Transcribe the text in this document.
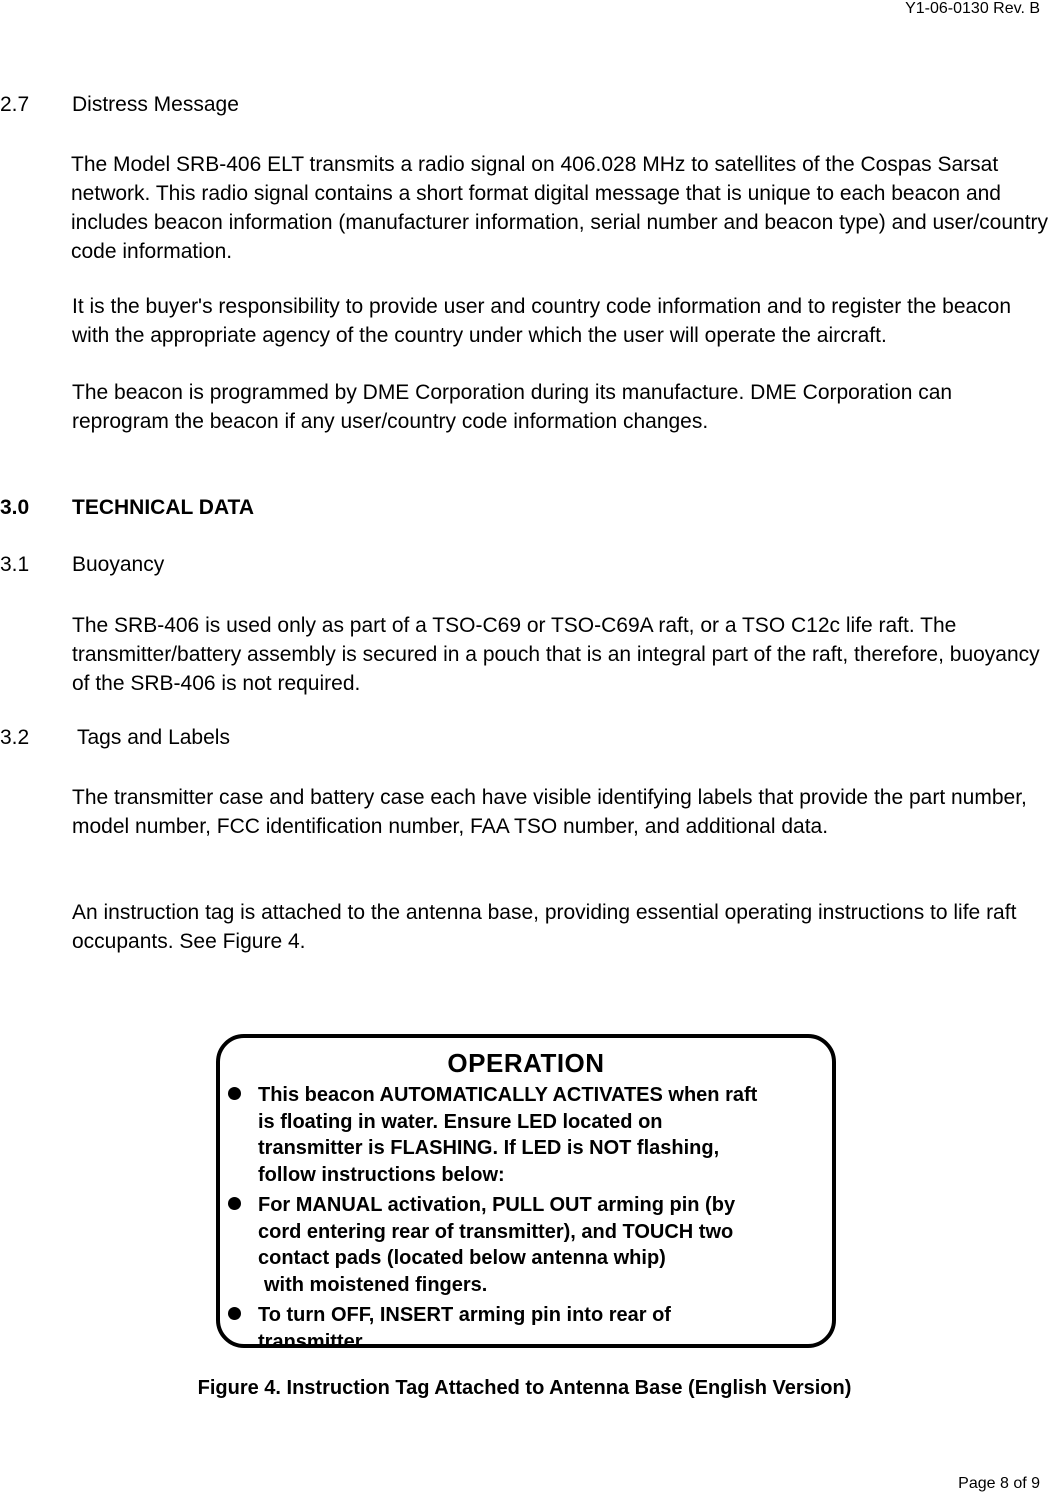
Y1-06-0130 Rev. B
2.7 Distress Message

The Model SRB-406 ELT transmits a radio signal on 406.028 MHz to satellites of the Cospas Sarsat network. This radio signal contains a short format digital message that is unique to each beacon and includes beacon information (manufacturer information, serial number and beacon type) and user/country code information.

It is the buyer's responsibility to provide user and country code information and to register the beacon with the appropriate agency of the country under which the user will operate the aircraft.

The beacon is programmed by DME Corporation during its manufacture. DME Corporation can reprogram the beacon if any user/country code information changes.

3.0 TECHNICAL DATA
3.1 Buoyancy

The SRB-406 is used only as part of a TSO-C69 or TSO-C69A raft, or a TSO C12c life raft. The transmitter/battery assembly is secured in a pouch that is an integral part of the raft, therefore, buoyancy of the SRB-406 is not required.

3.2 Tags and Labels

The transmitter case and battery case each have visible identifying labels that provide the part number, model number, FCC identification number, FAA TSO number, and additional data.

An instruction tag is attached to the antenna base, providing essential operating instructions to life raft occupants. See Figure 4.

OPERATION
This beacon AUTOMATICALLY ACTIVATES when raft
is floating in water. Ensure LED located on
transmitter is FLASHING. If LED is NOT flashing,
follow instructions below:
For MANUAL activation, PULL OUT arming pin (by
cord entering rear of transmitter), and TOUCH two
contact pads (located below antenna whip)
with moistened fingers.
To turn OFF, INSERT arming pin into rear of
transmitter.
Figure 4. Instruction Tag Attached to Antenna Base (English Version)
Page 8 of 9
